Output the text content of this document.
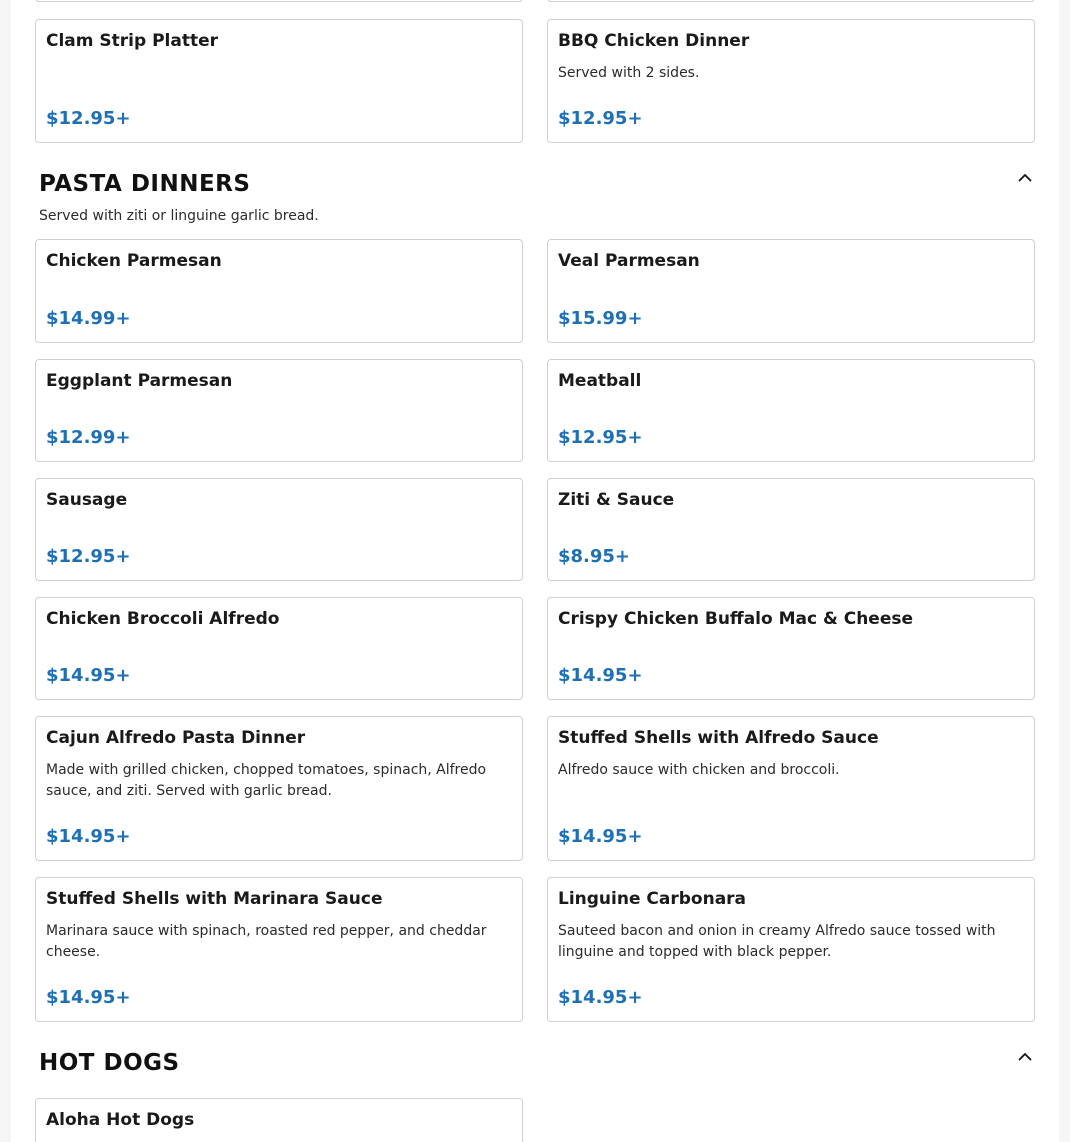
Clam Strip Platter
$12.95+
BBQ Chicken Dinner
Served with 2 sides.
$12.95+
PASTA DINNERS
Served with ziti or linguine garlic bread.
Chicken Parmesan
$14.99+
Veal Parmesan
$15.99+
Eggplant Parmesan
$12.99+
Meatball
$12.95+
Sausage
$12.95+
Ziti & Sauce
$8.95+
Chicken Broccoli Alfredo
$14.95+
Crispy Chicken Buffalo Mac & Cheese
$14.95+
Cajun Alfredo Pasta Dinner
Made with grilled chicken, chopped tomatoes, spinach, Alfredo sauce, and ziti. Served with garlic bread.
$14.95+
Stuffed Shells with Alfredo Sauce
Alfredo sauce with chicken and broccoli.
$14.95+
Stuffed Shells with Marinara Sauce
Marinara sauce with spinach, roasted red pepper, and cheddar cheese.
$14.95+
Linguine Carbonara
Sauteed bacon and onion in creamy Alfredo sauce tossed with linguine and topped with black pepper.
$14.95+
HOT DOGS
Aloha Hot Dogs
